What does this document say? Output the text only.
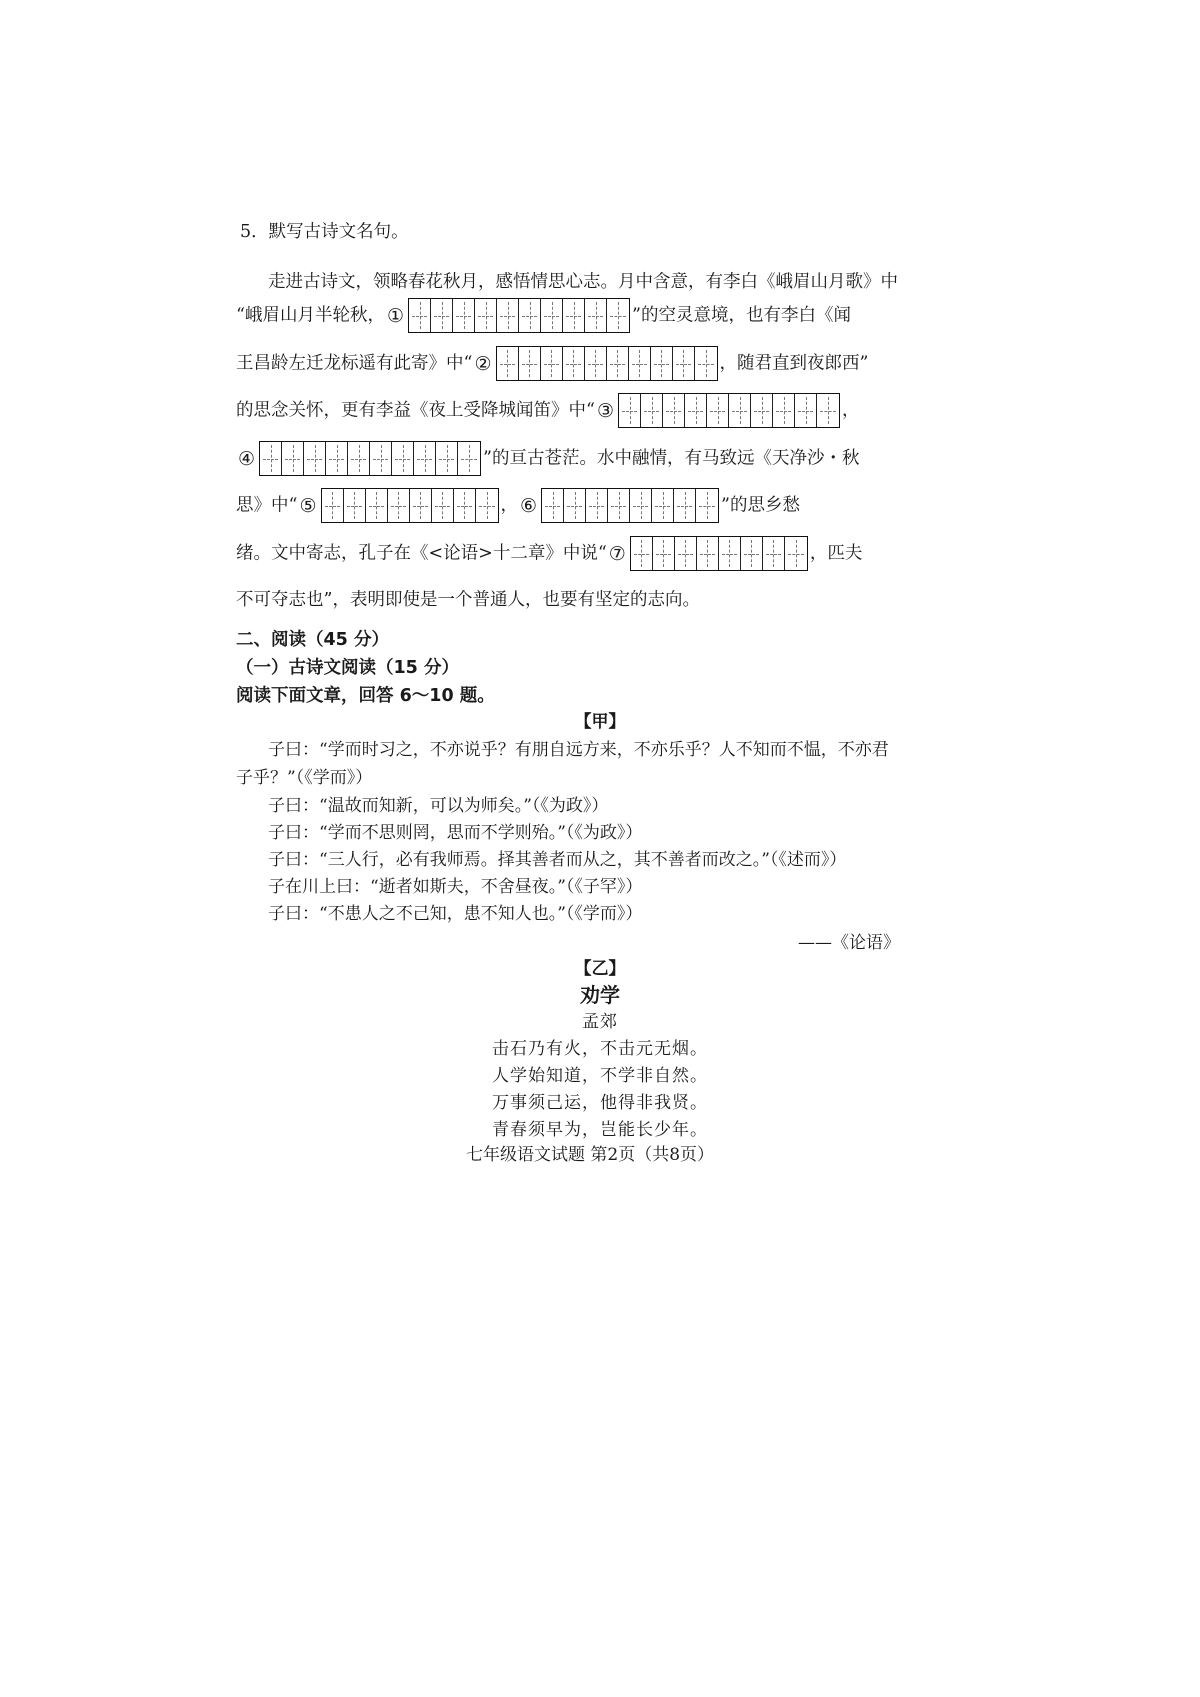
5．默写古诗文名句。
走进古诗文，领略春花秋月，感悟情思心志。月中含意，有李白《峨眉山月歌》中
“峨眉山月半轮秋， ①	”的空灵意境，也有李白《闻
王昌龄左迁龙标遥有此寄》中“ ②	，随君直到夜郎西”
的思念关怀，更有李益《夜上受降城闻笛》中“ ③	，
④	”的亘古苍茫。水中融情，有马致远《天净沙・秋
思》中“ ⑤	， ⑥	”的思乡愁
绪。文中寄志，孔子在《<论语>十二章》中说“ ⑦	，匹夫
不可夺志也”，表明即使是一个普通人，也要有坚定的志向。
二、阅读（45 分）
（一）古诗文阅读（15 分）
阅读下面文章，回答 6～10 题。
【甲】
子曰：“学而时习之，不亦说乎？有朋自远方来，不亦乐乎？人不知而不愠，不亦君
子乎？”（《学而》）
子曰：“温故而知新，可以为师矣。”（《为政》）
子曰：“学而不思则罔，思而不学则殆。”（《为政》）
子曰：“三人行，必有我师焉。择其善者而从之，其不善者而改之。”（《述而》）
子在川上曰：“逝者如斯夫，不舍昼夜。”（《子罕》）
子曰：“不患人之不己知，患不知人也。”（《学而》）
——《论语》
【乙】
劝学
孟郊
击石乃有火，不击元无烟。
人学始知道，不学非自然。
万事须己运，他得非我贤。
青春须早为，岂能长少年。
七年级语文试题 第2页（共8页）
